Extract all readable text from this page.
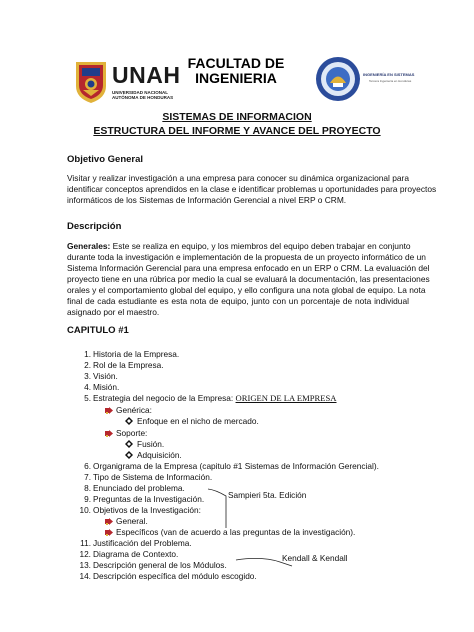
UNAH
UNIVERSIDAD NACIONAL
AUTÓNOMA DE HONDURAS
FACULTAD DE
INGENIERIA	INGENIERÍA EN SISTEMAS
Tercera Ingeniería en Honduras
SISTEMAS DE INFORMACION
ESTRUCTURA DEL INFORME Y AVANCE DEL PROYECTO
Objetivo General
Visitar y realizar investigación a una empresa para conocer su dinámica organizacional para
identificar conceptos aprendidos en la clase e identificar problemas u oportunidades para proyectos
informáticos de los Sistemas de Información Gerencial a nivel ERP o CRM.
Descripción
Generales: Este se realiza en equipo, y los miembros del equipo deben trabajar en conjunto
durante toda la investigación e implementación de la propuesta de un proyecto informático de un
Sistema Información Gerencial para una empresa enfocado en un ERP o CRM. La evaluación del
proyecto tiene en una rúbrica por medio la cual se evaluará la documentación, las presentaciones
orales y el comportamiento global del equipo, y ello configura una nota global de equipo. La nota
final de cada estudiante es esta nota de equipo, junto con un porcentaje de nota individual
asignado por el maestro.
CAPITULO #1
1. Historia de la Empresa.
2. Rol de la Empresa.
3. Visión.
4. Misión.
5. Estrategia del negocio de la Empresa: ORIGEN DE LA EMPRESA
Genérica:
Enfoque en el nicho de mercado.
Soporte:
Fusión.
Adquisición.
6. Organigrama de la Empresa (capitulo #1 Sistemas de Información Gerencial).
7. Tipo de Sistema de Información.
8. Enunciado del problema.
9. Preguntas de la Investigación.
10. Objetivos de la Investigación:
General.
Específicos (van de acuerdo a las preguntas de la investigación).
11. Justificación del Problema.
12. Diagrama de Contexto.
13. Descripción general de los Módulos.
14. Descripción específica del módulo escogido.
Sampieri 5ta. Edición
Kendall & Kendall
